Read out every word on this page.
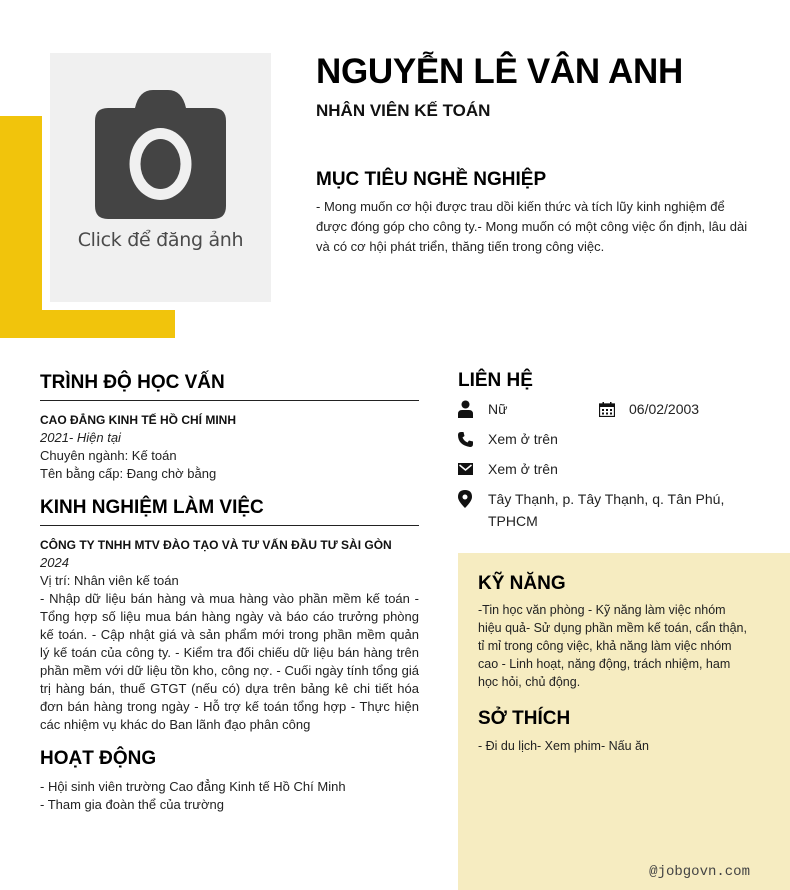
Click để đăng ảnh
NGUYỄN LÊ VÂN ANH
NHÂN VIÊN KẾ TOÁN
MỤC TIÊU NGHỀ NGHIỆP
- Mong muốn cơ hội được trau dồi kiến thức và tích lũy kinh nghiệm để được đóng góp cho công ty.- Mong muốn có một công việc ổn định, lâu dài và có cơ hội phát triển, thăng tiến trong công việc.
TRÌNH ĐỘ HỌC VẤN
CAO ĐẲNG KINH TẾ HỒ CHÍ MINH
2021- Hiện tại
Chuyên ngành: Kế toán
Tên bằng cấp: Đang chờ bằng
KINH NGHIỆM LÀM VIỆC
CÔNG TY TNHH MTV ĐÀO TẠO VÀ TƯ VẤN ĐẦU TƯ SÀI GÒN
2024
Vị trí: Nhân viên kế toán
- Nhập dữ liệu bán hàng và mua hàng vào phần mềm kế toán - Tổng hợp số liệu mua bán hàng ngày và báo cáo trưởng phòng kế toán. - Cập nhật giá và sản phẩm mới trong phần mềm quản lý kế toán của công ty. - Kiểm tra đối chiếu dữ liệu bán hàng trên phần mềm với dữ liệu tồn kho, công nợ. - Cuối ngày tính tổng giá trị hàng bán, thuế GTGT (nếu có) dựa trên bảng kê chi tiết hóa đơn bán hàng trong ngày - Hỗ trợ kế toán tổng hợp - Thực hiện các nhiệm vụ khác do Ban lãnh đạo phân công
HOẠT ĐỘNG
- Hội sinh viên trường Cao đẳng Kinh tế Hồ Chí Minh
- Tham gia đoàn thể của trường
LIÊN HỆ
Nữ	06/02/2003
Xem ở trên
Xem ở trên
Tây Thạnh, p. Tây Thạnh, q. Tân Phú, TPHCM
KỸ NĂNG
-Tin học văn phòng - Kỹ năng làm việc nhóm hiệu quả- Sử dụng phần mềm kế toán, cẩn thận, tỉ mỉ trong công việc, khả năng làm việc nhóm cao - Linh hoạt, năng động, trách nhiệm, ham học hỏi, chủ động.
SỞ THÍCH
- Đi du lịch- Xem phim- Nấu ăn
@jobgovn.com
